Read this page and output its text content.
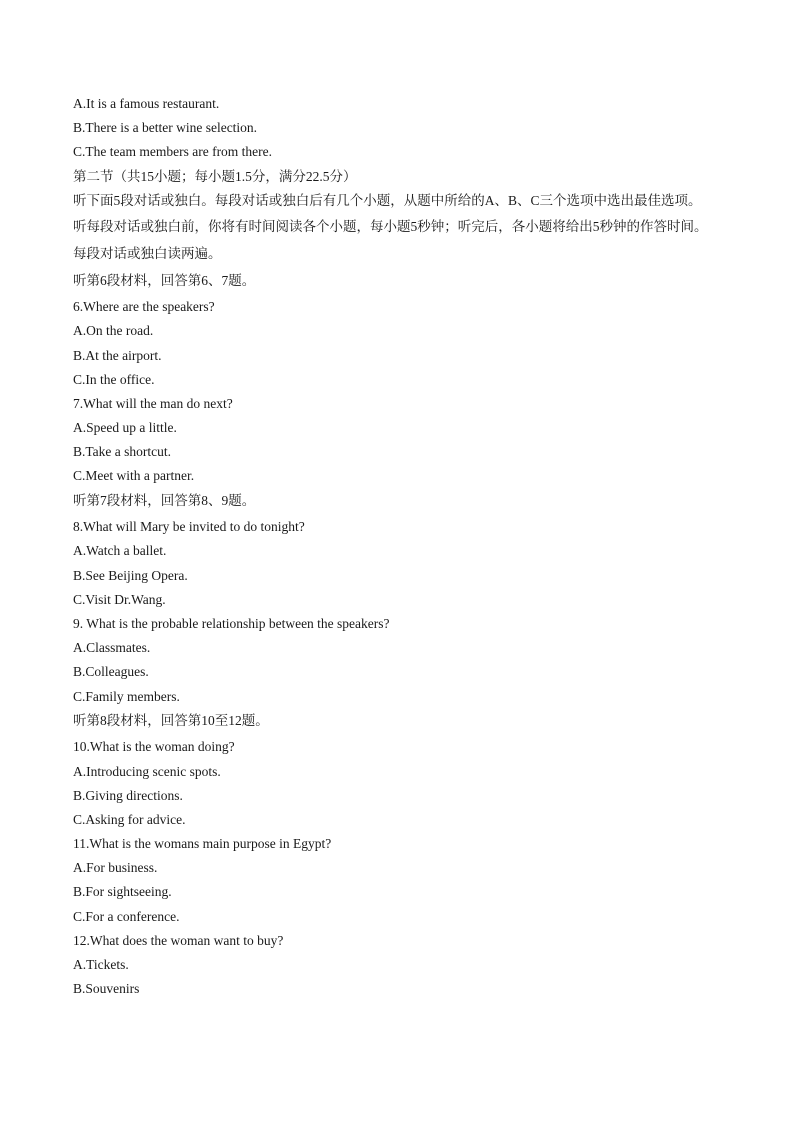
A.It is a famous restaurant.
B.There is a better wine selection.
C.The team members are from there.
第二节（共15小题；每小题1.5分，满分22.5分）
听下面5段对话或独白。每段对话或独白后有几个小题，从题中所给的A、B、C三个选项中选出最佳选项。
听每段对话或独白前，你将有时间阅读各个小题，每小题5秒钟；听完后，各小题将给出5秒钟的作答时间。
每段对话或独白读两遍。
听第6段材料，回答第6、7题。
6.Where are the speakers?
A.On the road.
B.At the airport.
C.In the office.
7.What will the man do next?
A.Speed up a little.
B.Take a shortcut.
C.Meet with a partner.
听第7段材料，回答第8、9题。
8.What will Mary be invited to do tonight?
A.Watch a ballet.
B.See Beijing Opera.
C.Visit Dr.Wang.
9. What is the probable relationship between the speakers?
A.Classmates.
B.Colleagues.
C.Family members.
听第8段材料，回答第10至12题。
10.What is the woman doing?
A.Introducing scenic spots.
B.Giving directions.
C.Asking for advice.
11.What is the womans main purpose in Egypt?
A.For business.
B.For sightseeing.
C.For a conference.
12.What does the woman want to buy?
A.Tickets.
B.Souvenirs
